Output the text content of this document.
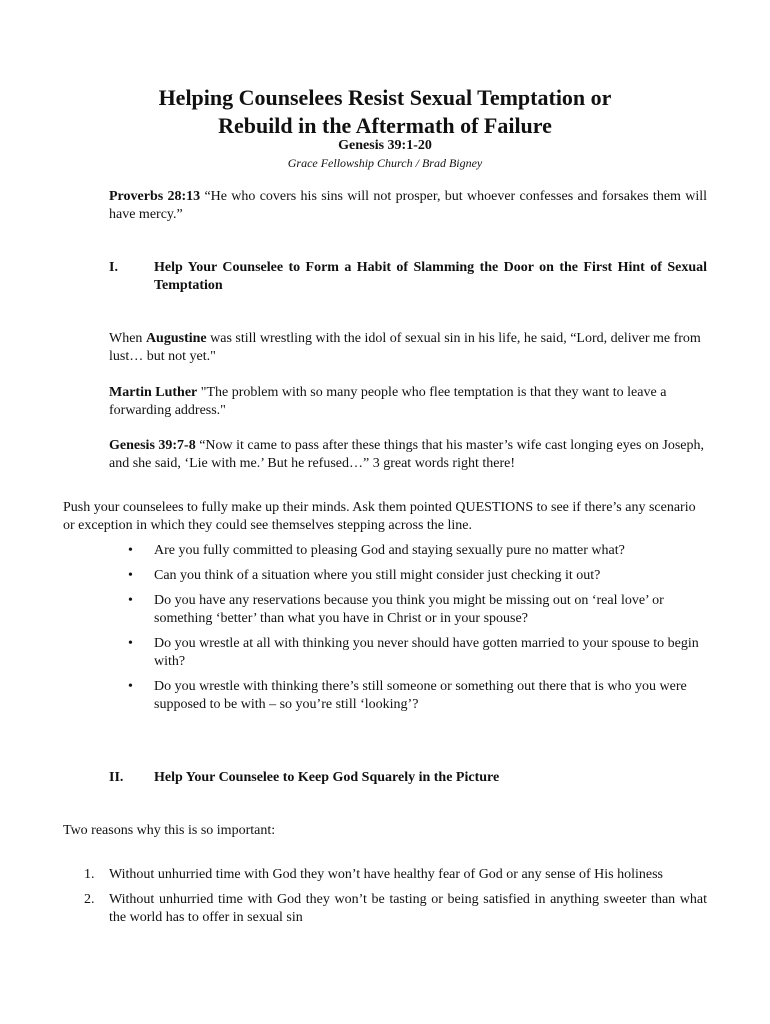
Helping Counselees Resist Sexual Temptation or
Rebuild in the Aftermath of Failure
Genesis 39:1-20
Grace Fellowship Church / Brad Bigney
Proverbs 28:13 “He who covers his sins will not prosper, but whoever confesses and forsakes them will have mercy.”
I.	Help Your Counselee to Form a Habit of Slamming the Door on the First Hint of Sexual Temptation
When Augustine was still wrestling with the idol of sexual sin in his life, he said, “Lord, deliver me from lust… but not yet."
Martin Luther "The problem with so many people who flee temptation is that they want to leave a forwarding address."
Genesis 39:7-8 “Now it came to pass after these things that his master’s wife cast longing eyes on Joseph, and she said, ‘Lie with me.’ But he refused…” 3 great words right there!
Push your counselees to fully make up their minds. Ask them pointed QUESTIONS to see if there’s any scenario or exception in which they could see themselves stepping across the line.
• Are you fully committed to pleasing God and staying sexually pure no matter what?
• Can you think of a situation where you still might consider just checking it out?
• Do you have any reservations because you think you might be missing out on ‘real love’ or something ‘better’ than what you have in Christ or in your spouse?
• Do you wrestle at all with thinking you never should have gotten married to your spouse to begin with?
• Do you wrestle with thinking there’s still someone or something out there that is who you were supposed to be with – so you’re still ‘looking’?
II. Help Your Counselee to Keep God Squarely in the Picture
Two reasons why this is so important:
1. Without unhurried time with God they won’t have healthy fear of God or any sense of His holiness
2. Without unhurried time with God they won’t be tasting or being satisfied in anything sweeter than what the world has to offer in sexual sin
